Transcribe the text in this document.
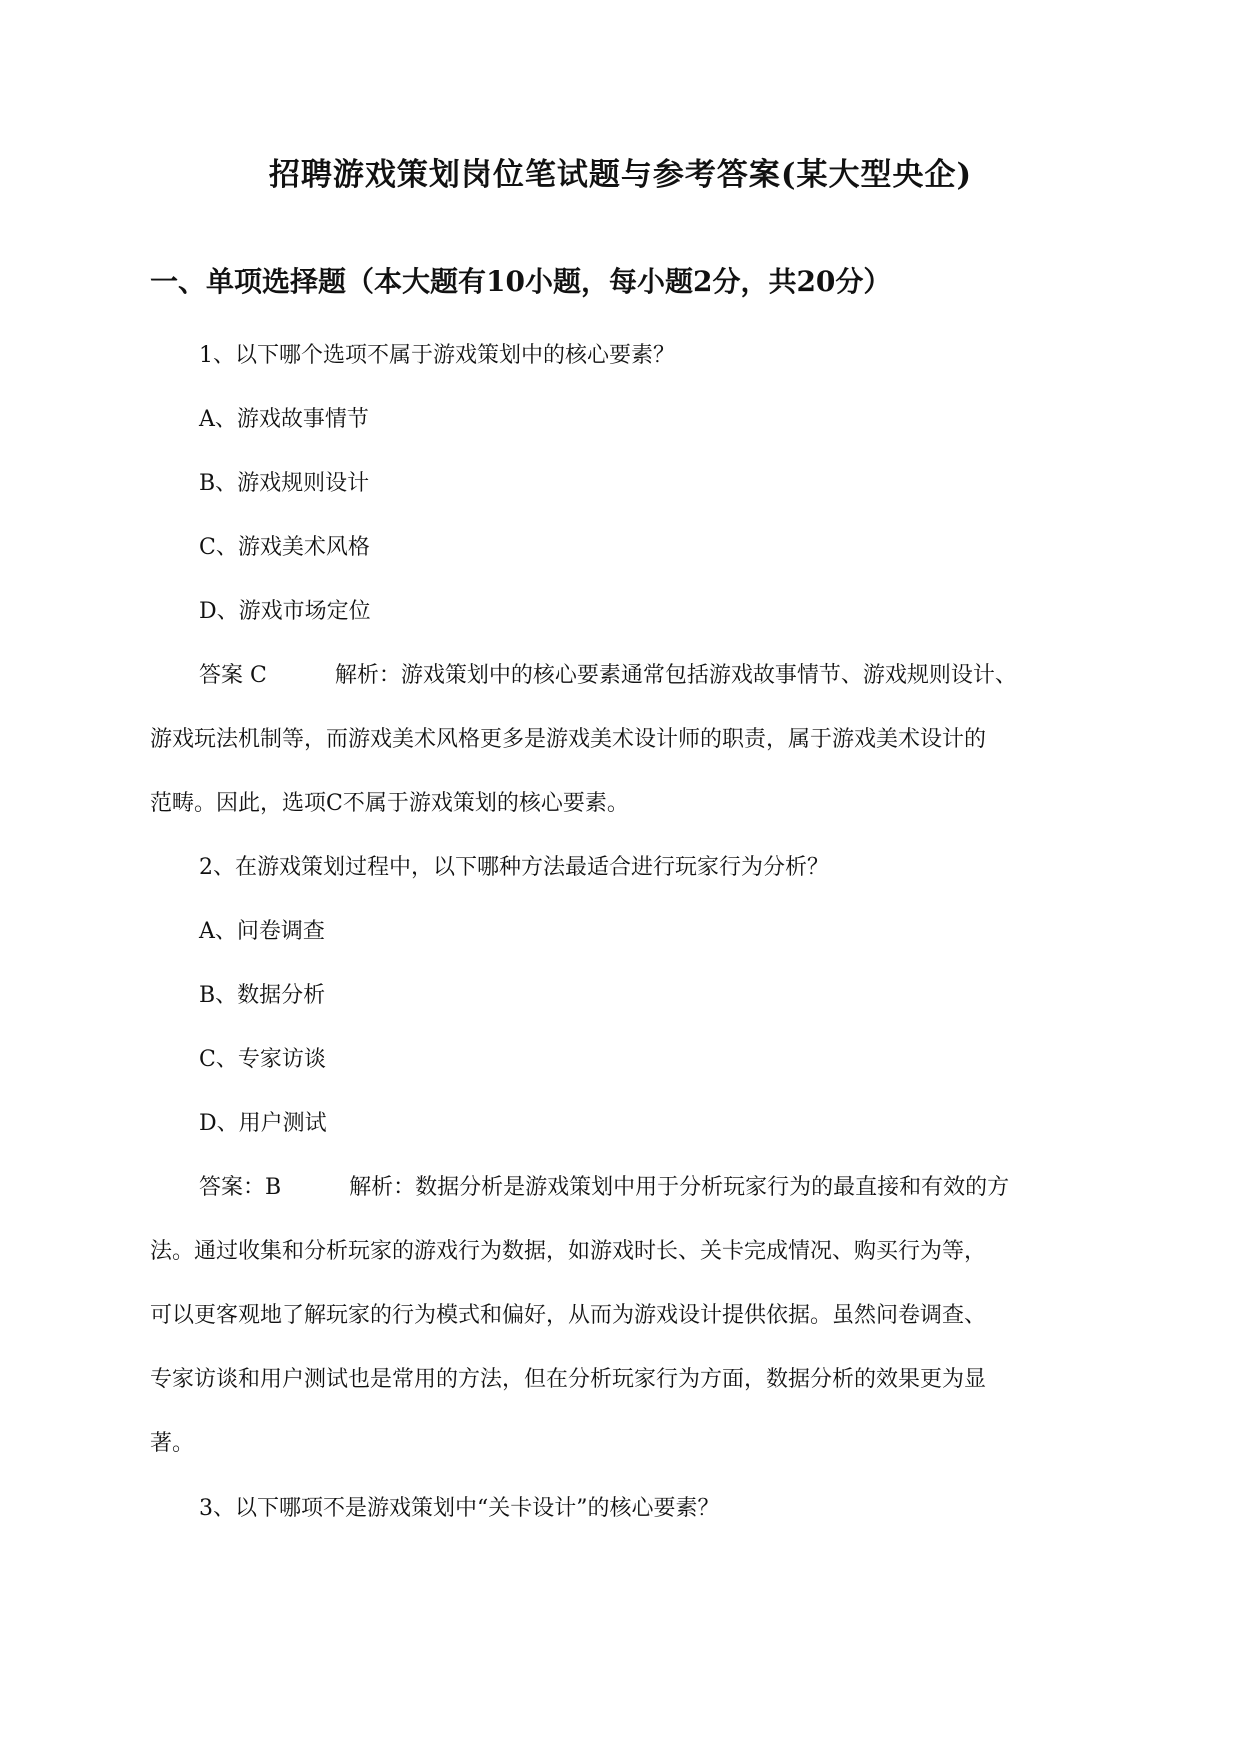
招聘游戏策划岗位笔试题与参考答案(某大型央企)
一、单项选择题（本大题有10小题，每小题2分，共20分）
1、以下哪个选项不属于游戏策划中的核心要素？
A、游戏故事情节
B、游戏规则设计
C、游戏美术风格
D、游戏市场定位
答案 C	解析：游戏策划中的核心要素通常包括游戏故事情节、游戏规则设计、
游戏玩法机制等，而游戏美术风格更多是游戏美术设计师的职责，属于游戏美术设计的
范畴。因此，选项C不属于游戏策划的核心要素。
2、在游戏策划过程中，以下哪种方法最适合进行玩家行为分析？
A、问卷调查
B、数据分析
C、专家访谈
D、用户测试
答案：B	解析：数据分析是游戏策划中用于分析玩家行为的最直接和有效的方
法。通过收集和分析玩家的游戏行为数据，如游戏时长、关卡完成情况、购买行为等，
可以更客观地了解玩家的行为模式和偏好，从而为游戏设计提供依据。虽然问卷调查、
专家访谈和用户测试也是常用的方法，但在分析玩家行为方面，数据分析的效果更为显
著。
3、以下哪项不是游戏策划中“关卡设计”的核心要素？
